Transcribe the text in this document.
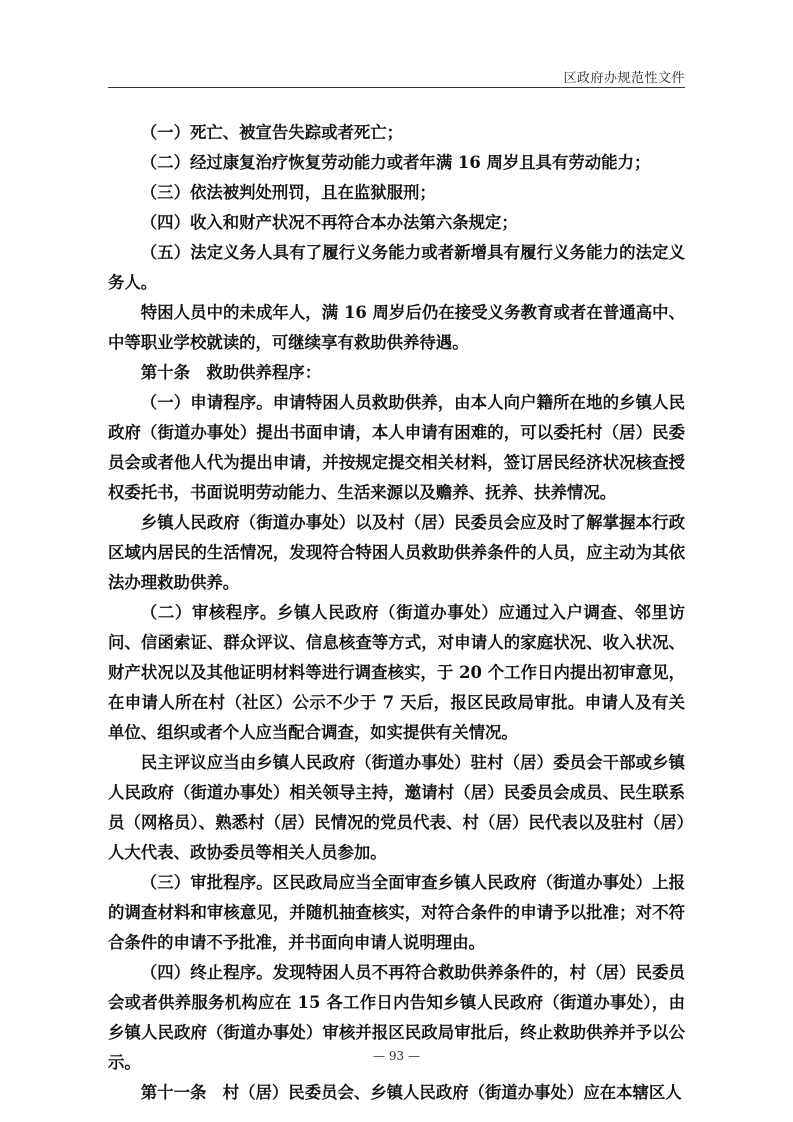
区政府办规范性文件

（一）死亡、被宣告失踪或者死亡；

（二）经过康复治疗恢复劳动能力或者年满 16 周岁且具有劳动能力；

（三）依法被判处刑罚，且在监狱服刑；

（四）收入和财产状况不再符合本办法第六条规定；

（五）法定义务人具有了履行义务能力或者新增具有履行义务能力的法定义务人。

特困人员中的未成年人，满 16 周岁后仍在接受义务教育或者在普通高中、中等职业学校就读的，可继续享有救助供养待遇。

第十条　救助供养程序：

（一）申请程序。申请特困人员救助供养，由本人向户籍所在地的乡镇人民政府（街道办事处）提出书面申请，本人申请有困难的，可以委托村（居）民委员会或者他人代为提出申请，并按规定提交相关材料，签订居民经济状况核查授权委托书，书面说明劳动能力、生活来源以及赡养、抚养、扶养情况。

乡镇人民政府（街道办事处）以及村（居）民委员会应及时了解掌握本行政区域内居民的生活情况，发现符合特困人员救助供养条件的人员，应主动为其依法办理救助供养。

（二）审核程序。乡镇人民政府（街道办事处）应通过入户调查、邻里访问、信函索证、群众评议、信息核查等方式，对申请人的家庭状况、收入状况、财产状况以及其他证明材料等进行调查核实，于 20 个工作日内提出初审意见，在申请人所在村（社区）公示不少于 7 天后，报区民政局审批。申请人及有关单位、组织或者个人应当配合调查，如实提供有关情况。

民主评议应当由乡镇人民政府（街道办事处）驻村（居）委员会干部或乡镇人民政府（街道办事处）相关领导主持，邀请村（居）民委员会成员、民生联系员（网格员）、熟悉村（居）民情况的党员代表、村（居）民代表以及驻村（居）人大代表、政协委员等相关人员参加。

（三）审批程序。区民政局应当全面审查乡镇人民政府（街道办事处）上报的调查材料和审核意见，并随机抽查核实，对符合条件的申请予以批准；对不符合条件的申请不予批准，并书面向申请人说明理由。

（四）终止程序。发现特困人员不再符合救助供养条件的，村（居）民委员会或者供养服务机构应在 15 各工作日内告知乡镇人民政府（街道办事处），由乡镇人民政府（街道办事处）审核并报区民政局审批后，终止救助供养并予以公示。

第十一条　村（居）民委员会、乡镇人民政府（街道办事处）应在本辖区人

— 93 —
